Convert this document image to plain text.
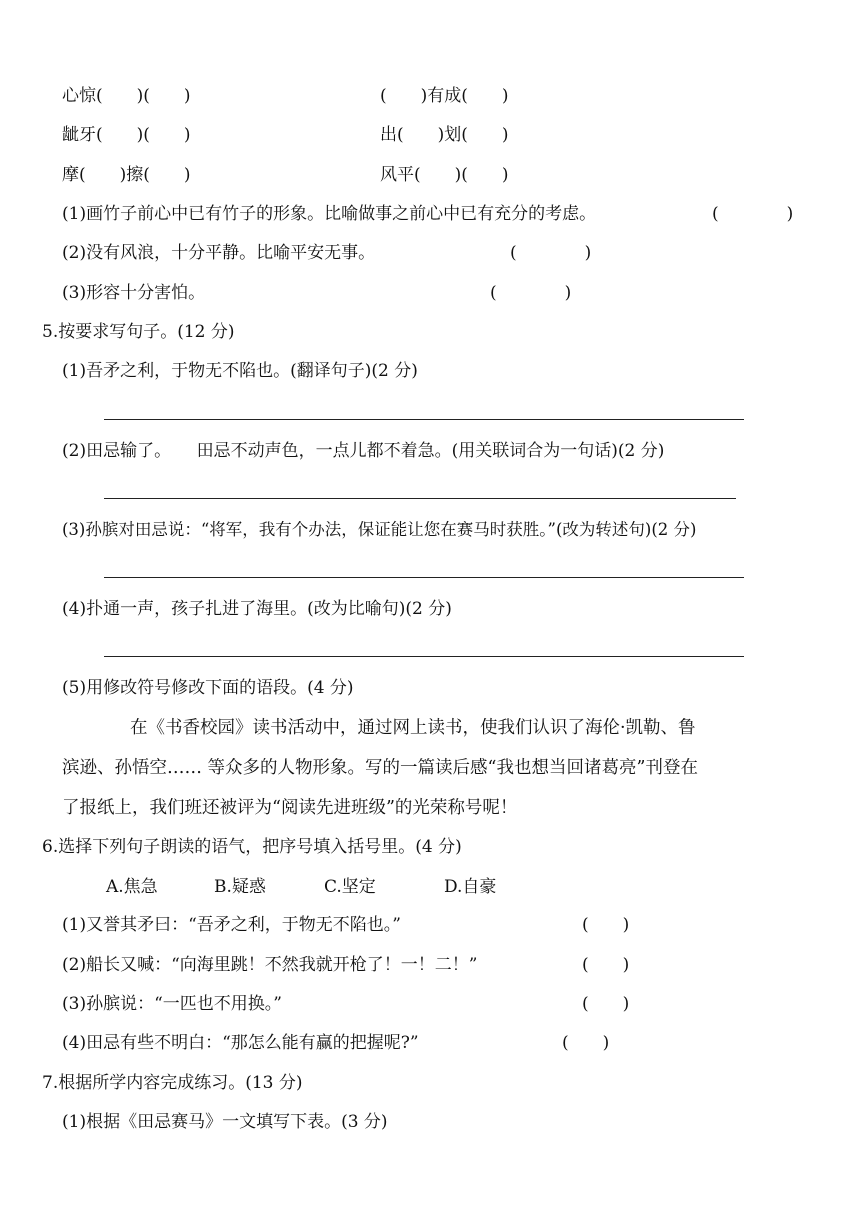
心惊(　　)(　　)	(　　)有成(　　)
龇牙(　　)(　　)	出(　　)划(　　)
摩(　　)擦(　　)	风平(　　)(　　)
(1)画竹子前心中已有竹子的形象。比喻做事之前心中已有充分的考虑。	(　　　　)
(2)没有风浪，十分平静。比喻平安无事。	(　　　　)
(3)形容十分害怕。	(　　　　)
5.按要求写句子。(12 分)
(1)吾矛之利，于物无不陷也。(翻译句子)(2 分)
(2)田忌输了。　　田忌不动声色，一点儿都不着急。(用关联词合为一句话)(2 分)
(3)孙膑对田忌说：“将军，我有个办法，保证能让您在赛马时获胜。”(改为转述句)(2 分)
(4)扑通一声，孩子扎进了海里。(改为比喻句)(2 分)
(5)用修改符号修改下面的语段。(4 分)
在《书香校园》读书活动中，通过网上读书，使我们认识了海伦·凯勒、鲁
滨逊、孙悟空…… 等众多的人物形象。写的一篇读后感“我也想当回诸葛亮”刊登在
了报纸上，我们班还被评为“阅读先进班级”的光荣称号呢！
6.选择下列句子朗读的语气，把序号填入括号里。(4 分)
A.焦急	B.疑惑	C.坚定	D.自豪
(1)又誉其矛曰：“吾矛之利，于物无不陷也。”	(　　)
(2)船长又喊：“向海里跳！不然我就开枪了！一！二！”	(　　)
(3)孙膑说：“一匹也不用换。”	(　　)
(4)田忌有些不明白：“那怎么能有赢的把握呢?”	(　　)
7.根据所学内容完成练习。(13 分)
(1)根据《田忌赛马》一文填写下表。(3 分)
